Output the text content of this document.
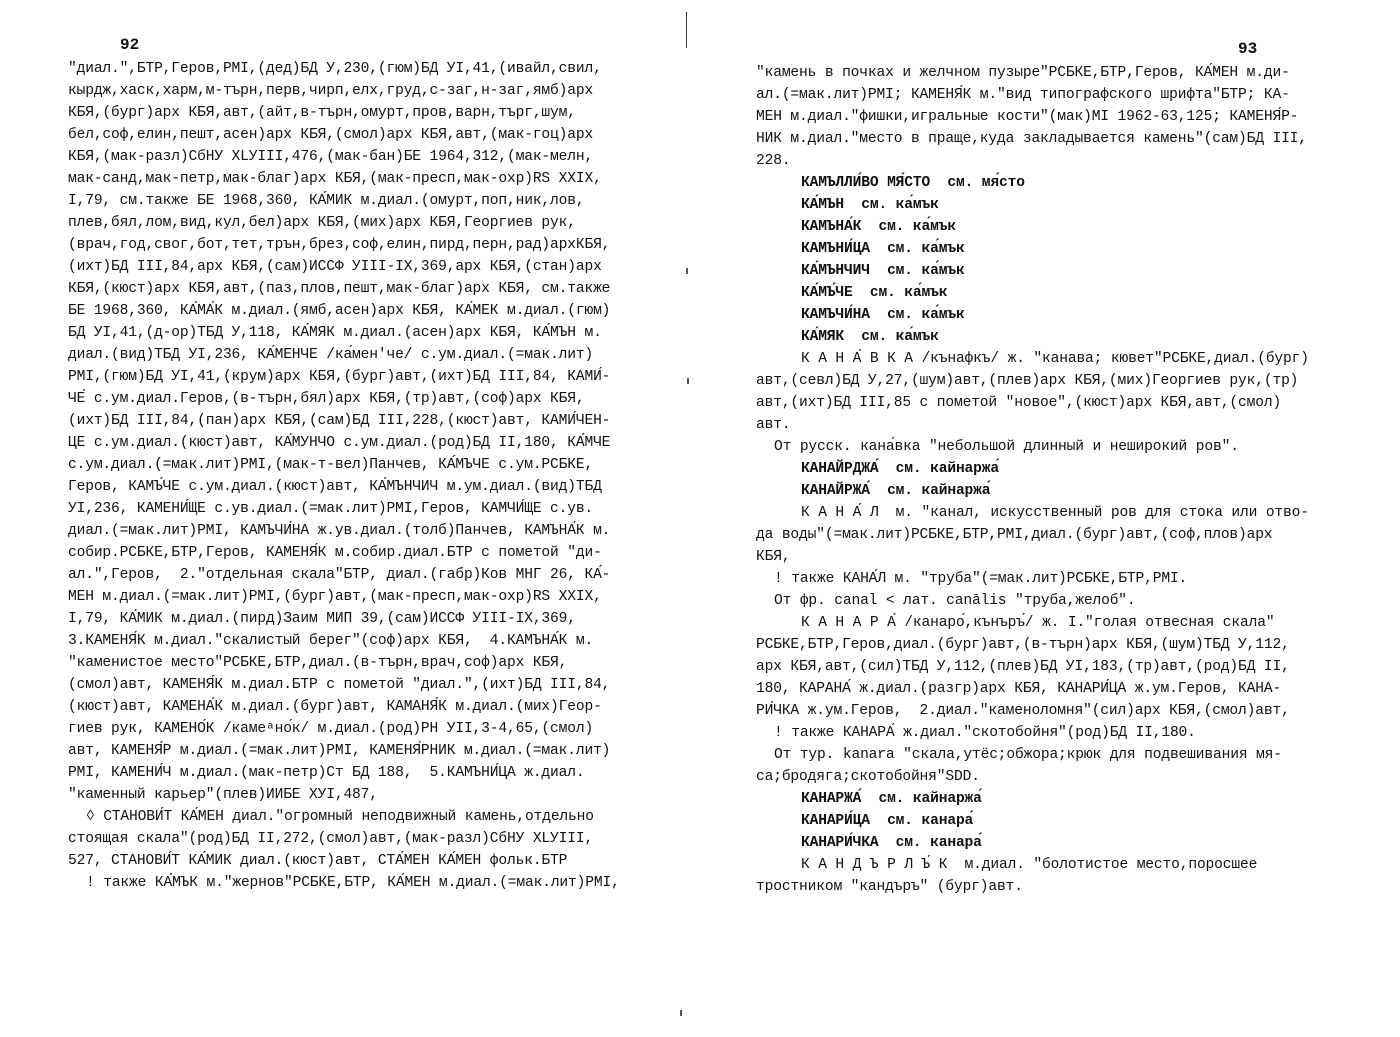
92
"диал.",БТР,Геров,РМI,(дед)БД У,230,(гюм)БД УI,41,(ивайл,свил,
кырдж,хаск,харм,м-търн,перв,чирп,елх,груд,с-заг,н-заг,ямб)арх
КБЯ,(бург)арх КБЯ,авт,(айт,в-търн,омурт,пров,варн,търг,шум,
бел,соф,елин,пешт,асен)арх КБЯ,(смол)арх КБЯ,авт,(мак-гоц)арх
КБЯ,(мак-разл)СбНУ XLУIII,476,(мак-бан)БЕ 1964,312,(мак-мелн,
мак-санд,мак-петр,мак-благ)арх КБЯ,(мак-пресп,мак-охр)RS XXIX,
I,79, см.также БЕ 1968,360, КА́МИК м.диал.(омурт,поп,ник,лов,
плев,бял,лом,вид,кул,бел)арх КБЯ,(мих)арх КБЯ,Георгиев рук,
(врач,год,свог,бот,тет,трън,брез,соф,елин,пирд,перн,рад)архКБЯ,
(ихт)БД III,84,арх КБЯ,(сам)ИССФ УIII-IX,369,арх КБЯ,(стан)арх
КБЯ,(кюст)арх КБЯ,авт,(паз,плов,пешт,мак-благ)арх КБЯ, см.также
БЕ 1968,360, КА́МА́К м.диал.(ямб,асен)арх КБЯ, КА́МЕК м.диал.(гюм)
БД УI,41,(д-ор)ТБД У,118, КА́МЯК м.диал.(асен)арх КБЯ, КА́МЪН м.
диал.(вид)ТБД УI,236, КА́МЕНЧЕ /ка́мен'че/ с.ум.диал.(=мак.лит)
РМI,(гюм)БД УI,41,(крум)арх КБЯ,(бург)авт,(ихт)БД III,84, КАМИ́-
ЧЕ́ с.ум.диал.Геров,(в-търн,бял)арх КБЯ,(тр)авт,(соф)арх КБЯ,
(ихт)БД III,84,(пан)арх КБЯ,(сам)БД III,228,(кюст)авт, КАМИ́ЧЕН-
ЦЕ с.ум.диал.(кюст)авт, КА́МУНЧО с.ум.диал.(род)БД II,180, КА́МЧЕ
с.ум.диал.(=мак.лит)РМI,(мак-т-вел)Панчев, КА́МЪЧЕ с.ум.РСБКЕ,
Геров, КАМЪ́ЧЕ с.ум.диал.(кюст)авт, КА́МЪНЧИЧ м.ум.диал.(вид)ТБД
УI,236, КАМЕНИ́ЩЕ с.ув.диал.(=мак.лит)РМI,Геров, КАМЧИ́ЩЕ с.ув.
диал.(=мак.лит)РМI, КАМЪЧИ́НА ж.ув.диал.(толб)Панчев, КАМЪНА́К м.
собир.РСБКЕ,БТР,Геров, КАМЕНЯ́К м.собир.диал.БТР с пометой "ди-
ал.",Геров,  2."отдельная скала"БТР, диал.(габр)Ков МНГ 26, КА́-
МЕН м.диал.(=мак.лит)РМI,(бург)авт,(мак-пресп,мак-охр)RS XXIX,
I,79, КА́МИК м.диал.(пирд)Заим МИП 39,(сам)ИССФ УIII-IX,369,
3.КАМЕНЯ́К м.диал."скалистый берег"(соф)арх КБЯ,  4.КАМЪНА́К м.
"каменистое место"РСБКЕ,БТР,диал.(в-търн,врач,соф)арх КБЯ,
(смол)авт, КАМЕНЯ́К м.диал.БТР с пометой "диал.",(ихт)БД III,84,
(кюст)авт, КАМЕНА́К м.диал.(бург)авт, КАМАНЯ́К м.диал.(мих)Геор-
гиев рук, КАМЕНО́К /камеᵃно́к/ м.диал.(род)РН УII,3-4,65,(смол)
авт, КАМЕНЯ́Р м.диал.(=мак.лит)РМI, КАМЕНЯ́РНИК м.диал.(=мак.лит)
РМI, КАМЕНИ́Ч м.диал.(мак-петр)Ст БД 188,  5.КАМЪНИ́ЦА ж.диал.
"каменный карьер"(плев)ИИБЕ ХУI,487,
◊ СТАНОВИ́Т КА́МЕН диал."огромный неподвижный камень,отдельно
стоящая скала"(род)БД II,272,(смол)авт,(мак-разл)СбНУ XLУIII,
527, СТАНОВИ́Т КА́МИК диал.(кюст)авт, СТА́МЕН КА́МЕН фольк.БТР
! также КА́МЪК м."жернов"РСБКЕ,БТР, КА́МЕН м.диал.(=мак.лит)РМI,
93
"камень в почках и желчном пузыре"РСБКЕ,БТР,Геров, КА́МЕН м.ди-
ал.(=мак.лит)РМI; КАМЕНЯ́К м."вид типографского шрифта"БТР; КА-
МЕН м.диал."фишки,игральные кости"(мак)МI 1962-63,125; КАМЕНЯ́Р-
НИК м.диал."место в праще,куда закладывается камень"(сам)БД III,
228.
КАМЪЛЛИ́ВО МЯ́СТО  см. мя́сто
КА́МЪН  см. ка́мък
КАМЪНА́К  см. ка́мък
КАМЪНИ́ЦА  см. ка́мък
КА́МЪНЧИЧ  см. ка́мък
КА́МЪ́ЧЕ  см. ка́мък
КАМЪЧИ́НА  см. ка́мък
КА́МЯК  см. ка́мък
К А Н А́ В К А /кънафкъ/ ж. "канава; кювет"РСБКЕ,диал.(бург)
авт,(севл)БД У,27,(шум)авт,(плев)арх КБЯ,(мих)Георгиев рук,(тр)
авт,(ихт)БД III,85 с пометой "новое",(кюст)арх КБЯ,авт,(смол)
авт.
От русск. кана́вка "небольшой длинный и неширокий ров".
КАНАЙРДЖА́  см. кайнаржа́
КАНАЙРЖА́  см. кайнаржа́
К А Н А́ Л  м. "канал, искусственный ров для стока или отво-
да воды"(=мак.лит)РСБКЕ,БТР,РМI,диал.(бург)авт,(соф,плов)арх
КБЯ,
! также КАНА́Л м. "труба"(=мак.лит)РСБКЕ,БТР,РМI.
От фр. canal < лат. canālis "труба,желоб".
К А Н А Р А́ /канаро́,кънъръ́/ ж. I."голая отвесная скала"
РСБКЕ,БТР,Геров,диал.(бург)авт,(в-търн)арх КБЯ,(шум)ТБД У,112,
арх КБЯ,авт,(сил)ТБД У,112,(плев)БД УI,183,(тр)авт,(род)БД II,
180, КАРАНА́ ж.диал.(разгр)арх КБЯ, КАНАРИ́ЦА ж.ум.Геров, КАНА-
РИ́ЧКА ж.ум.Геров,  2.диал."каменоломня"(сил)арх КБЯ,(смол)авт,
! также КАНАРА́ ж.диал."скотобойня"(род)БД II,180.
От тур. kanara "скала,утёс;обжора;крюк для подвешивания мя-
са;бродяга;скотобойня"SDD.
КАНАРЖА́  см. кайнаржа́
КАНАРИ́ЦА  см. канара́
КАНАРИ́ЧКА  см. канара́
К А Н Д Ъ Р Л Ъ́ К  м.диал. "болотистое место,поросшее
тростником "кандъръ" (бург)авт.
